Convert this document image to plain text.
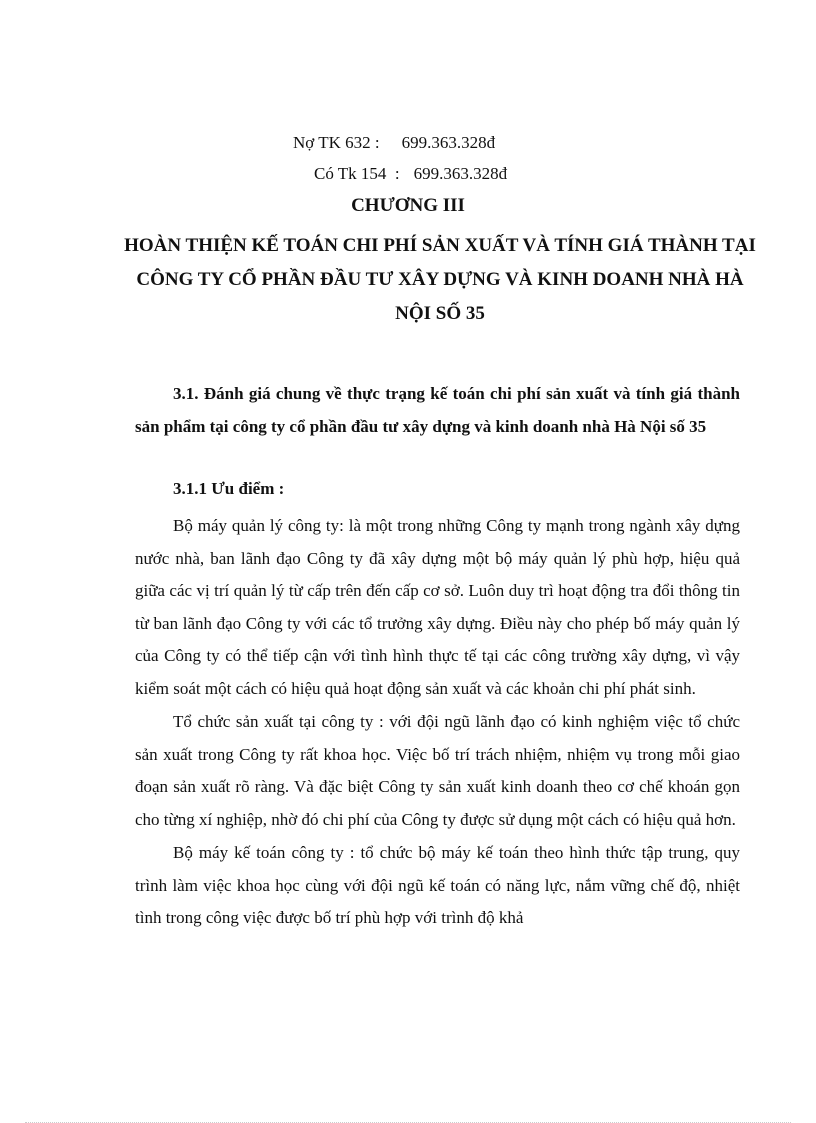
Nợ TK 632 : 699.363.328đ
Có Tk 154  : 699.363.328đ
CHƯƠNG III
HOÀN THIỆN KẾ TOÁN CHI PHÍ SẢN XUẤT VÀ TÍNH GIÁ THÀNH TẠI CÔNG TY CỔ PHẦN ĐẦU TƯ XÂY DỰNG VÀ KINH DOANH NHÀ HÀ NỘI SỐ 35
3.1. Đánh giá chung về thực trạng kế toán chi phí sản xuất và tính giá thành sản phẩm tại công ty cổ phần đầu tư xây dựng và kinh doanh nhà Hà Nội số 35
3.1.1 Ưu điểm :

Bộ máy quản lý công ty: là một trong những Công ty mạnh trong ngành xây dựng nước nhà, ban lãnh đạo Công ty đã xây dựng một bộ máy quản lý phù hợp, hiệu quả giữa các vị trí quản lý từ cấp trên đến cấp cơ sở. Luôn duy trì hoạt động tra đổi thông tin từ ban lãnh đạo Công ty với các tổ trưởng xây dựng. Điều này cho phép bố máy quản lý của Công ty có thể tiếp cận với tình hình thực tế tại các công trường xây dựng, vì vậy kiểm soát một cách có hiệu quả hoạt động sản xuất và các khoản chi phí phát sinh.

Tổ chức sản xuất tại công ty : với đội ngũ lãnh đạo có kinh nghiệm việc tổ chức sản xuất trong Công ty rất khoa học. Việc bố trí trách nhiệm, nhiệm vụ trong mỗi giao đoạn sản xuất rõ ràng. Và đặc biệt Công ty sản xuất kinh doanh theo cơ chế khoán gọn cho từng xí nghiệp, nhờ đó chi phí của Công ty được sử dụng một cách có hiệu quả hơn.

Bộ máy kế toán công ty : tổ chức bộ máy kế toán theo hình thức tập trung, quy trình làm việc khoa học cùng với đội ngũ kế toán có năng lực, nắm vững chế độ, nhiệt tình trong công việc được bố trí phù hợp với trình độ khả
